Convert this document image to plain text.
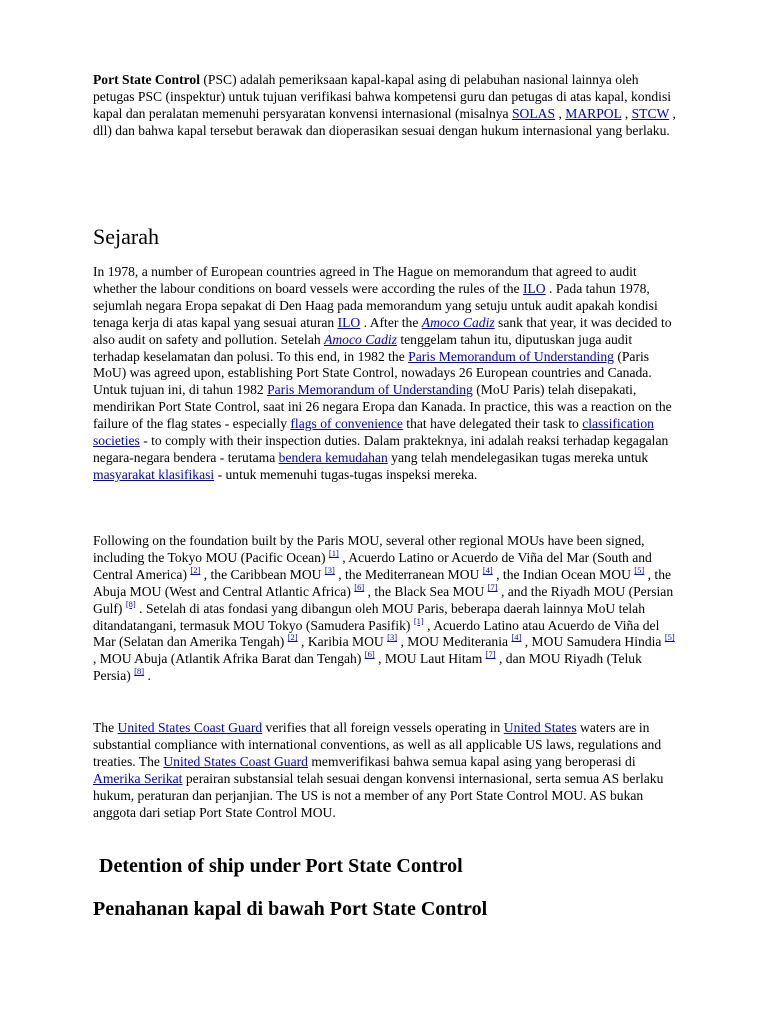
Port State Control (PSC) adalah pemeriksaan kapal-kapal asing di pelabuhan nasional lainnya oleh petugas PSC (inspektur) untuk tujuan verifikasi bahwa kompetensi guru dan petugas di atas kapal, kondisi kapal dan peralatan memenuhi persyaratan konvensi internasional (misalnya SOLAS , MARPOL , STCW , dll) dan bahwa kapal tersebut berawak dan dioperasikan sesuai dengan hukum internasional yang berlaku.

Sejarah

In 1978, a number of European countries agreed in The Hague on memorandum that agreed to audit whether the labour conditions on board vessels were according the rules of the ILO . Pada tahun 1978, sejumlah negara Eropa sepakat di Den Haag pada memorandum yang setuju untuk audit apakah kondisi tenaga kerja di atas kapal yang sesuai aturan ILO . After the Amoco Cadiz sank that year, it was decided to also audit on safety and pollution. Setelah Amoco Cadiz tenggelam tahun itu, diputuskan juga audit terhadap keselamatan dan polusi. To this end, in 1982 the Paris Memorandum of Understanding (Paris MoU) was agreed upon, establishing Port State Control, nowadays 26 European countries and Canada. Untuk tujuan ini, di tahun 1982 Paris Memorandum of Understanding (MoU Paris) telah disepakati, mendirikan Port State Control, saat ini 26 negara Eropa dan Kanada. In practice, this was a reaction on the failure of the flag states - especially flags of convenience that have delegated their task to classification societies - to comply with their inspection duties. Dalam prakteknya, ini adalah reaksi terhadap kegagalan negara-negara bendera - terutama bendera kemudahan yang telah mendelegasikan tugas mereka untuk masyarakat klasifikasi - untuk memenuhi tugas-tugas inspeksi mereka.

Following on the foundation built by the Paris MOU, several other regional MOUs have been signed, including the Tokyo MOU (Pacific Ocean) [1] , Acuerdo Latino or Acuerdo de Viña del Mar (South and Central America) [2] , the Caribbean MOU [3] , the Mediterranean MOU [4] , the Indian Ocean MOU [5] , the Abuja MOU (West and Central Atlantic Africa) [6] , the Black Sea MOU [7] , and the Riyadh MOU (Persian Gulf) [8] . Setelah di atas fondasi yang dibangun oleh MOU Paris, beberapa daerah lainnya MoU telah ditandatangani, termasuk MOU Tokyo (Samudera Pasifik) [1] , Acuerdo Latino atau Acuerdo de Viña del Mar (Selatan dan Amerika Tengah) [2] , Karibia MOU [3] , MOU Mediterania [4] , MOU Samudera Hindia [5] , MOU Abuja (Atlantik Afrika Barat dan Tengah) [6] , MOU Laut Hitam [7] , dan MOU Riyadh (Teluk Persia) [8] .

The United States Coast Guard verifies that all foreign vessels operating in United States waters are in substantial compliance with international conventions, as well as all applicable US laws, regulations and treaties. The United States Coast Guard memverifikasi bahwa semua kapal asing yang beroperasi di Amerika Serikat perairan substansial telah sesuai dengan konvensi internasional, serta semua AS berlaku hukum, peraturan dan perjanjian. The US is not a member of any Port State Control MOU. AS bukan anggota dari setiap Port State Control MOU.

Detention of ship under Port State Control
Penahanan kapal di bawah Port State Control
